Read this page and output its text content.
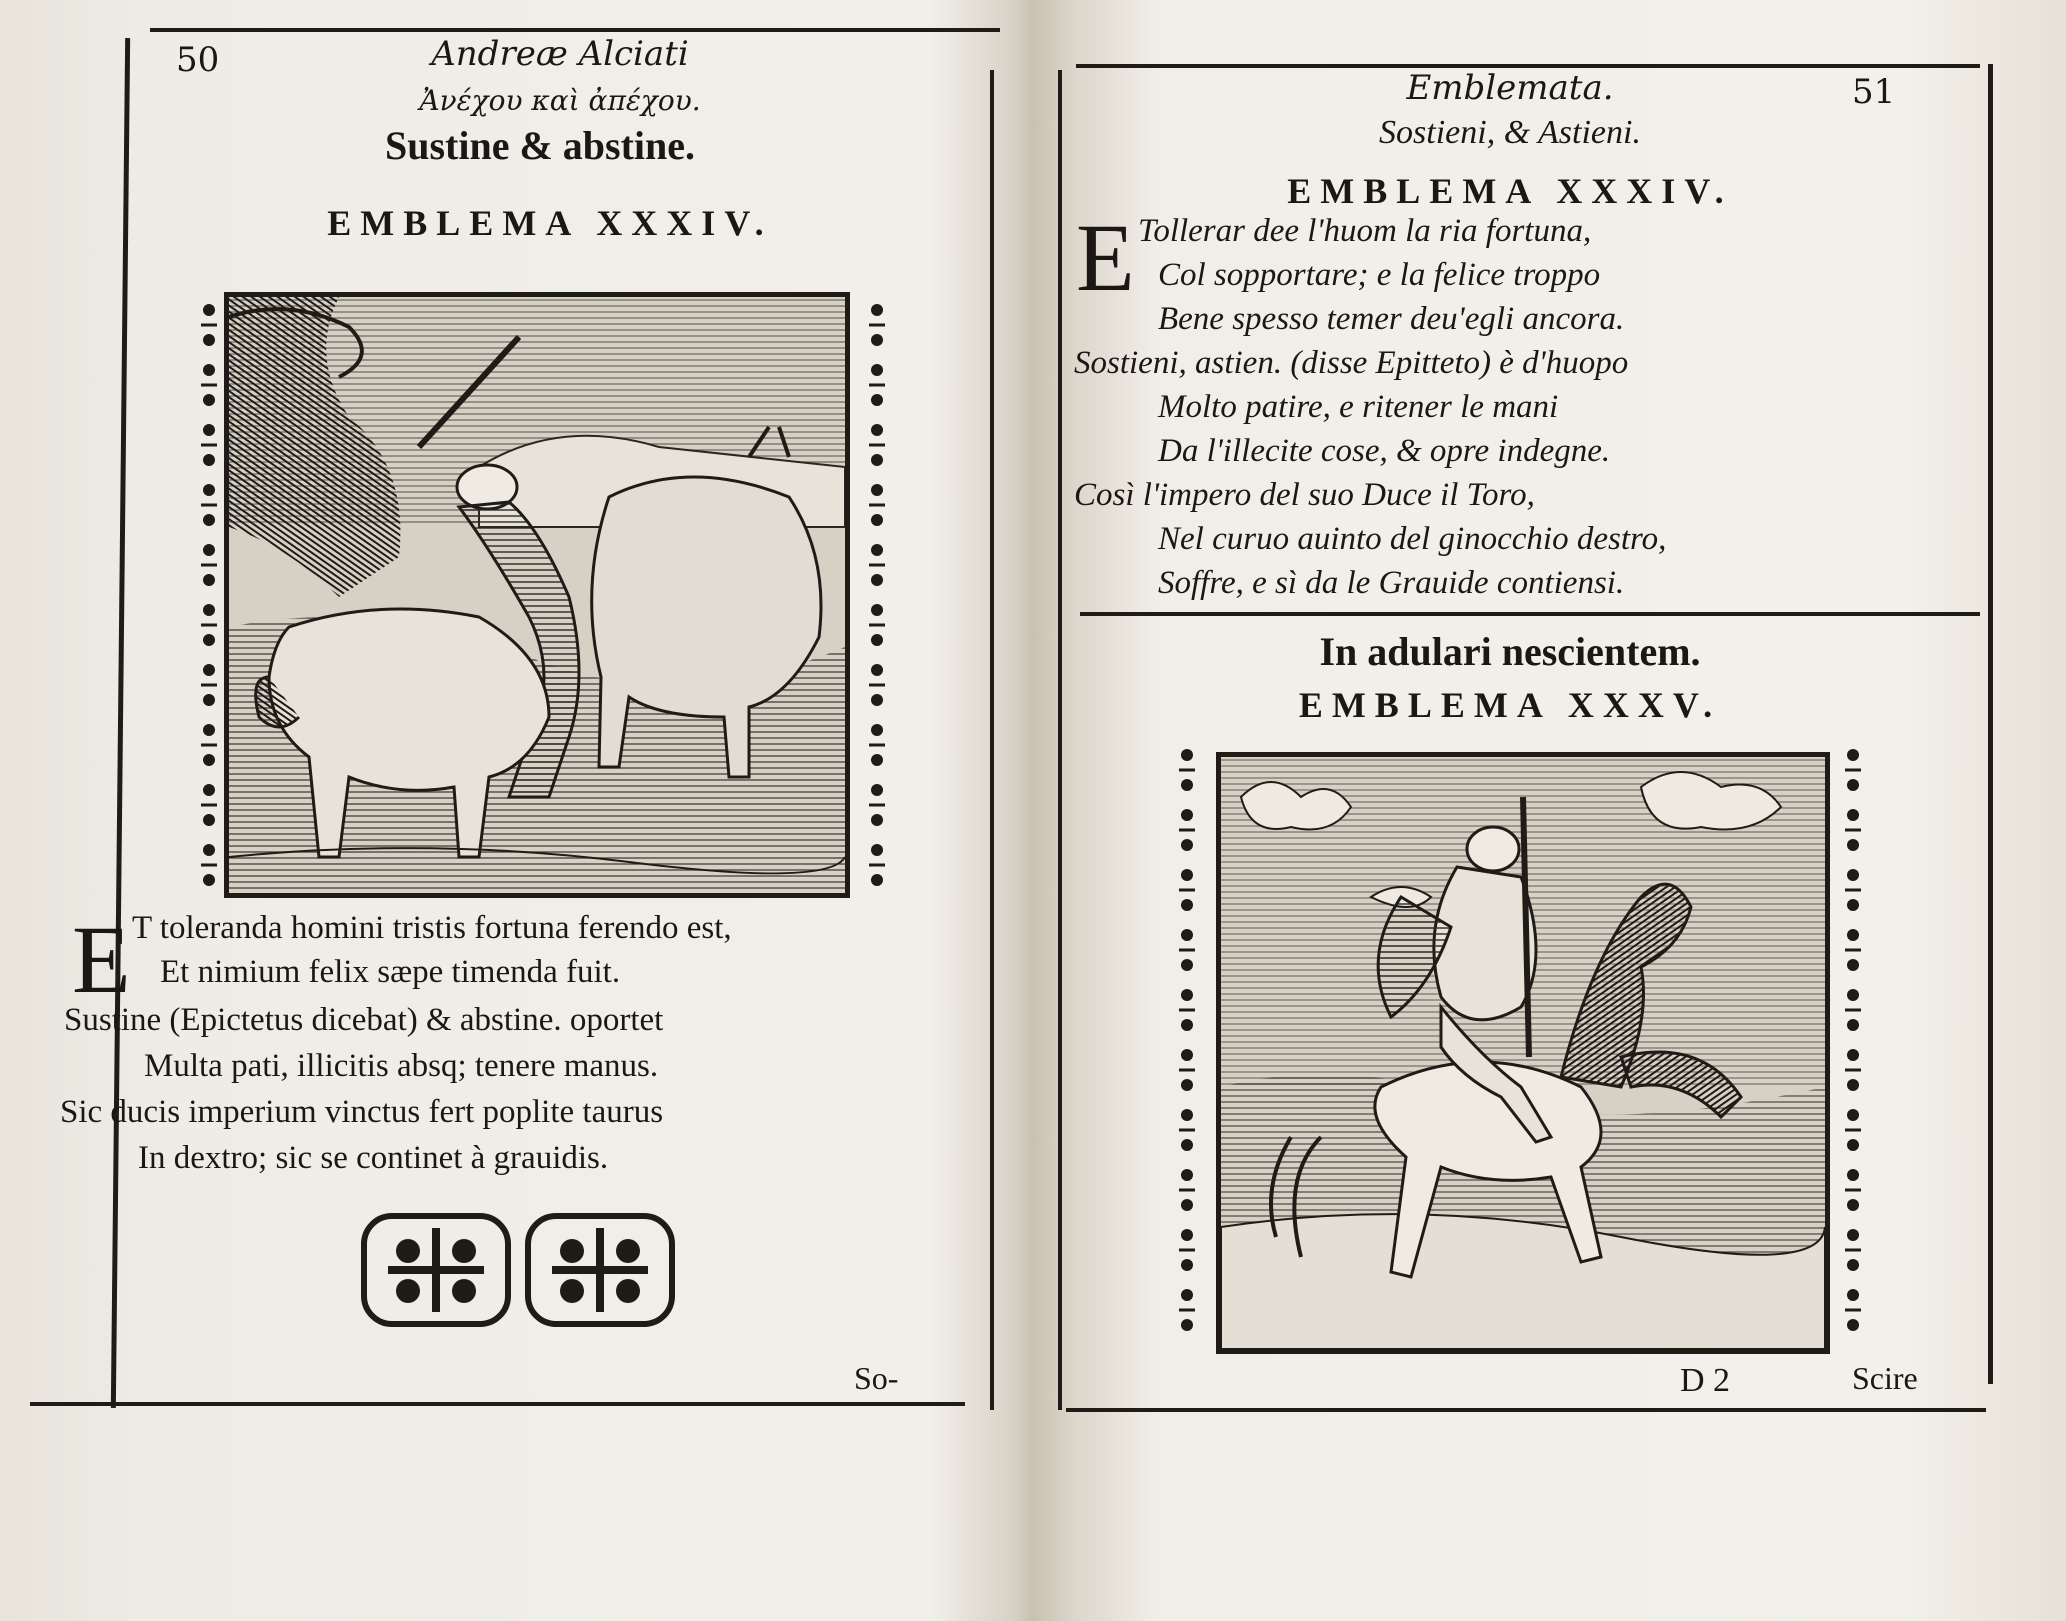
50	Andreæ Alciati
Ἀνέχου καὶ ἀπέχου.
Sustine & abstine.
EMBLEMA XXXIV.
E T toleranda homini tristis fortuna ferendo est,
Et nimium felix sæpe timenda fuit.
Sustine (Epictetus dicebat) & abstine. oportet
Multa pati, illicitis absq; tenere manus.
Sic ducis imperium vinctus fert poplite taurus
In dextro; sic se continet à grauidis.
So-
Emblemata.	51
Sostieni, & Astieni.
EMBLEMA XXXIV.
E Tollerar dee l'huom la ria fortuna,
Col sopportare; e la felice troppo
Bene spesso temer deu'egli ancora.
Sostieni, astien. (disse Epitteto) è d'huopo
Molto patire, e ritener le mani
Da l'illecite cose, & opre indegne.
Così l'impero del suo Duce il Toro,
Nel curuo auinto del ginocchio destro,
Soffre, e sì da le Grauide contiensi.
In adulari nescientem.
EMBLEMA XXXV.
D 2	Scire
